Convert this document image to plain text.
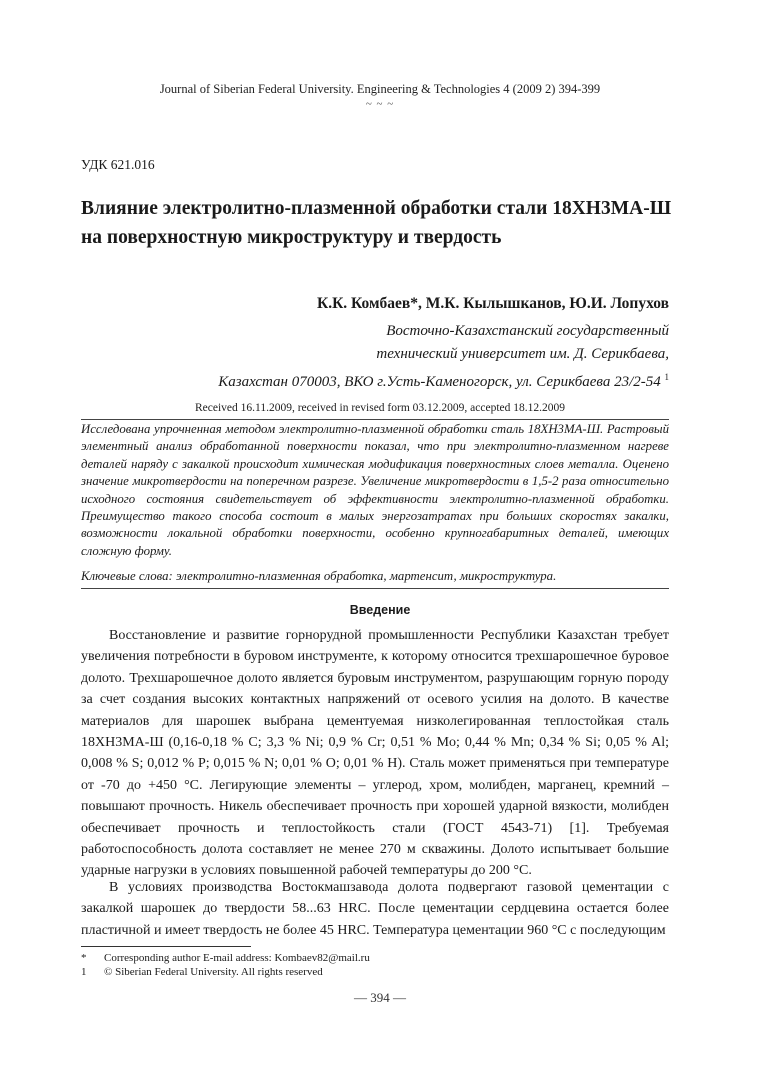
Journal of Siberian Federal University. Engineering & Technologies 4 (2009 2) 394-399
~ ~ ~
УДК 621.016
Влияние электролитно-плазменной обработки стали 18ХН3МА-Ш на поверхностную микроструктуру и твердость
К.К. Комбаев*, М.К. Кылышканов, Ю.И. Лопухов
Восточно-Казахстанский государственный
технический университет им. Д. Серикбаева,
Казахстан 070003, ВКО г.Усть-Каменогорск, ул. Серикбаева 23/2-54 $^1$
Received 16.11.2009, received in revised form 03.12.2009, accepted 18.12.2009
Исследована упрочненная методом электролитно-плазменной обработки сталь 18ХН3МА-Ш. Растровый элементный анализ обработанной поверхности показал, что при электролитно-плазменном нагреве деталей наряду с закалкой происходит химическая модификация поверхностных слоев металла. Оценено значение микротвердости на поперечном разрезе. Увеличение микротвердости в 1,5-2 раза относительно исходного состояния свидетельствует об эффективности электролитно-плазменной обработки. Преимущество такого способа состоит в малых энергозатратах при больших скоростях закалки, возможности локальной обработки поверхности, особенно крупногабаритных деталей, имеющих сложную форму.
Ключевые слова: электролитно-плазменная обработка, мартенсит, микроструктура.
Введение

Восстановление и развитие горнорудной промышленности Республики Казахстан требует увеличения потребности в буровом инструменте, к которому относится трехшарошечное буровое долото. Трехшарошечное долото является буровым инструментом, разрушающим горную породу за счет создания высоких контактных напряжений от осевого усилия на долото. В качестве материалов для шарошек выбрана цементуемая низколегированная теплостойкая сталь 18ХН3МА-Ш (0,16-0,18 % C; 3,3 % Ni; 0,9 % Cr; 0,51 % Mo; 0,44 % Mn; 0,34 % Si; 0,05 % Al; 0,008 % S; 0,012 % P; 0,015 % N; 0,01 % O; 0,01 % H). Сталь может применяться при температуре от -70 до +450 °C. Легирующие элементы – углерод, хром, молибден, марганец, кремний – повышают прочность. Никель обеспечивает прочность при хорошей ударной вязкости, молибден обеспечивает прочность и теплостойкость стали (ГОСТ 4543-71) [1]. Требуемая работоспособность долота составляет не менее 270 м скважины. Долото испытывает большие ударные нагрузки в условиях повышенной рабочей температуры до 200 °C.

В условиях производства Востокмашзавода долота подвергают газовой цементации с закалкой шарошек до твердости 58...63 HRC. После цементации сердцевина остается более пластичной и имеет твердость не более 45 HRC. Температура цементации 960 °C с последующим

*	Corresponding author E-mail address: Kombaev82@mail.ru
1	© Siberian Federal University. All rights reserved
— 394 —
